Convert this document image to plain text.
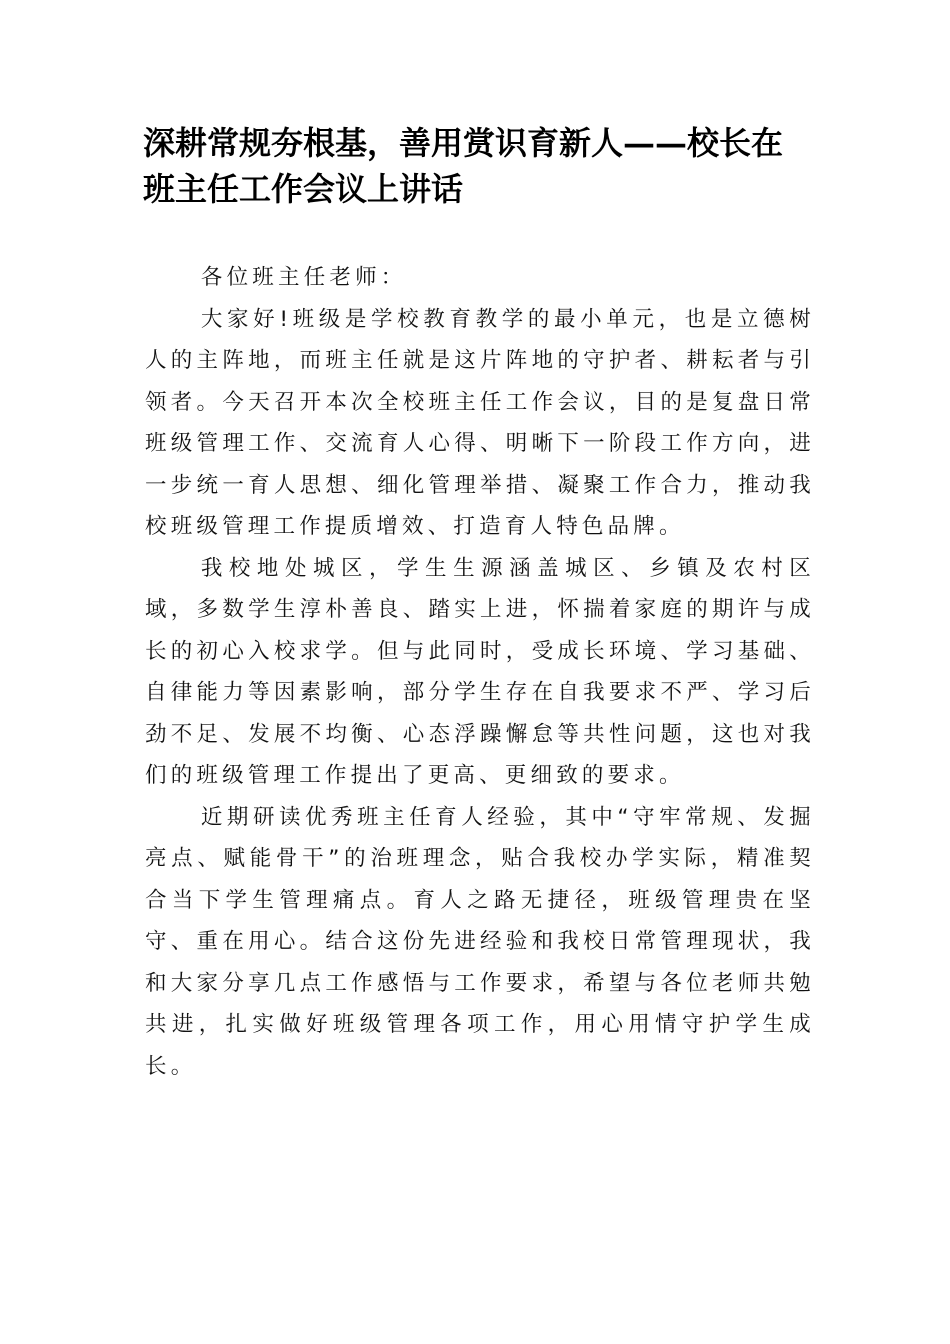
深耕常规夯根基，善用赏识育新人——校长在班主任工作会议上讲话

各位班主任老师：

大家好!班级是学校教育教学的最小单元，也是立德树人的主阵地，而班主任就是这片阵地的守护者、耕耘者与引领者。今天召开本次全校班主任工作会议，目的是复盘日常班级管理工作、交流育人心得、明晰下一阶段工作方向，进一步统一育人思想、细化管理举措、凝聚工作合力，推动我校班级管理工作提质增效、打造育人特色品牌。

我校地处城区，学生生源涵盖城区、乡镇及农村区域，多数学生淳朴善良、踏实上进，怀揣着家庭的期许与成长的初心入校求学。但与此同时，受成长环境、学习基础、自律能力等因素影响，部分学生存在自我要求不严、学习后劲不足、发展不均衡、心态浮躁懈怠等共性问题，这也对我们的班级管理工作提出了更高、更细致的要求。

近期研读优秀班主任育人经验，其中“守牢常规、发掘亮点、赋能骨干”的治班理念，贴合我校办学实际，精准契合当下学生管理痛点。育人之路无捷径，班级管理贵在坚守、重在用心。结合这份先进经验和我校日常管理现状，我和大家分享几点工作感悟与工作要求，希望与各位老师共勉共进，扎实做好班级管理各项工作，用心用情守护学生成长。
